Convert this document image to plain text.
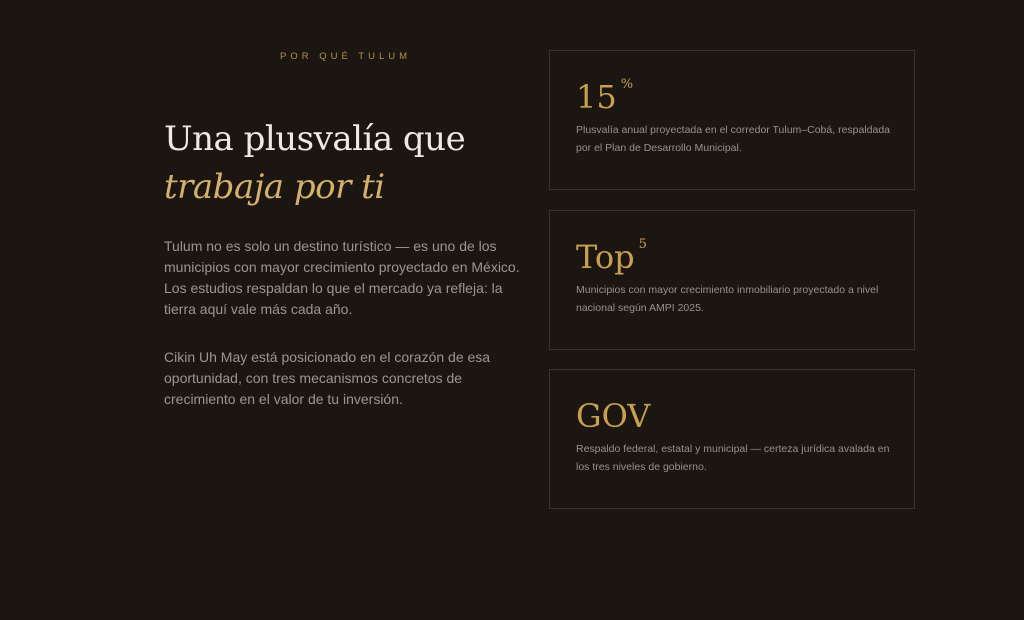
POR QUÉ TULUM
Una plusvalía que
trabaja por ti

Tulum no es solo un destino turístico — es uno de los municipios con mayor crecimiento proyectado en México. Los estudios respaldan lo que el mercado ya refleja: la tierra aquí vale más cada año.

Cikin Uh May está posicionado en el corazón de esa oportunidad, con tres mecanismos concretos de crecimiento en el valor de tu inversión.

15 %

Plusvalía anual proyectada en el corredor Tulum–Cobá, respaldada por el Plan de Desarrollo Municipal.

Top $^5$

Municipios con mayor crecimiento inmobiliario proyectado a nivel nacional según AMPI 2025.

GOV

Respaldo federal, estatal y municipal — certeza jurídica avalada en los tres niveles de gobierno.
